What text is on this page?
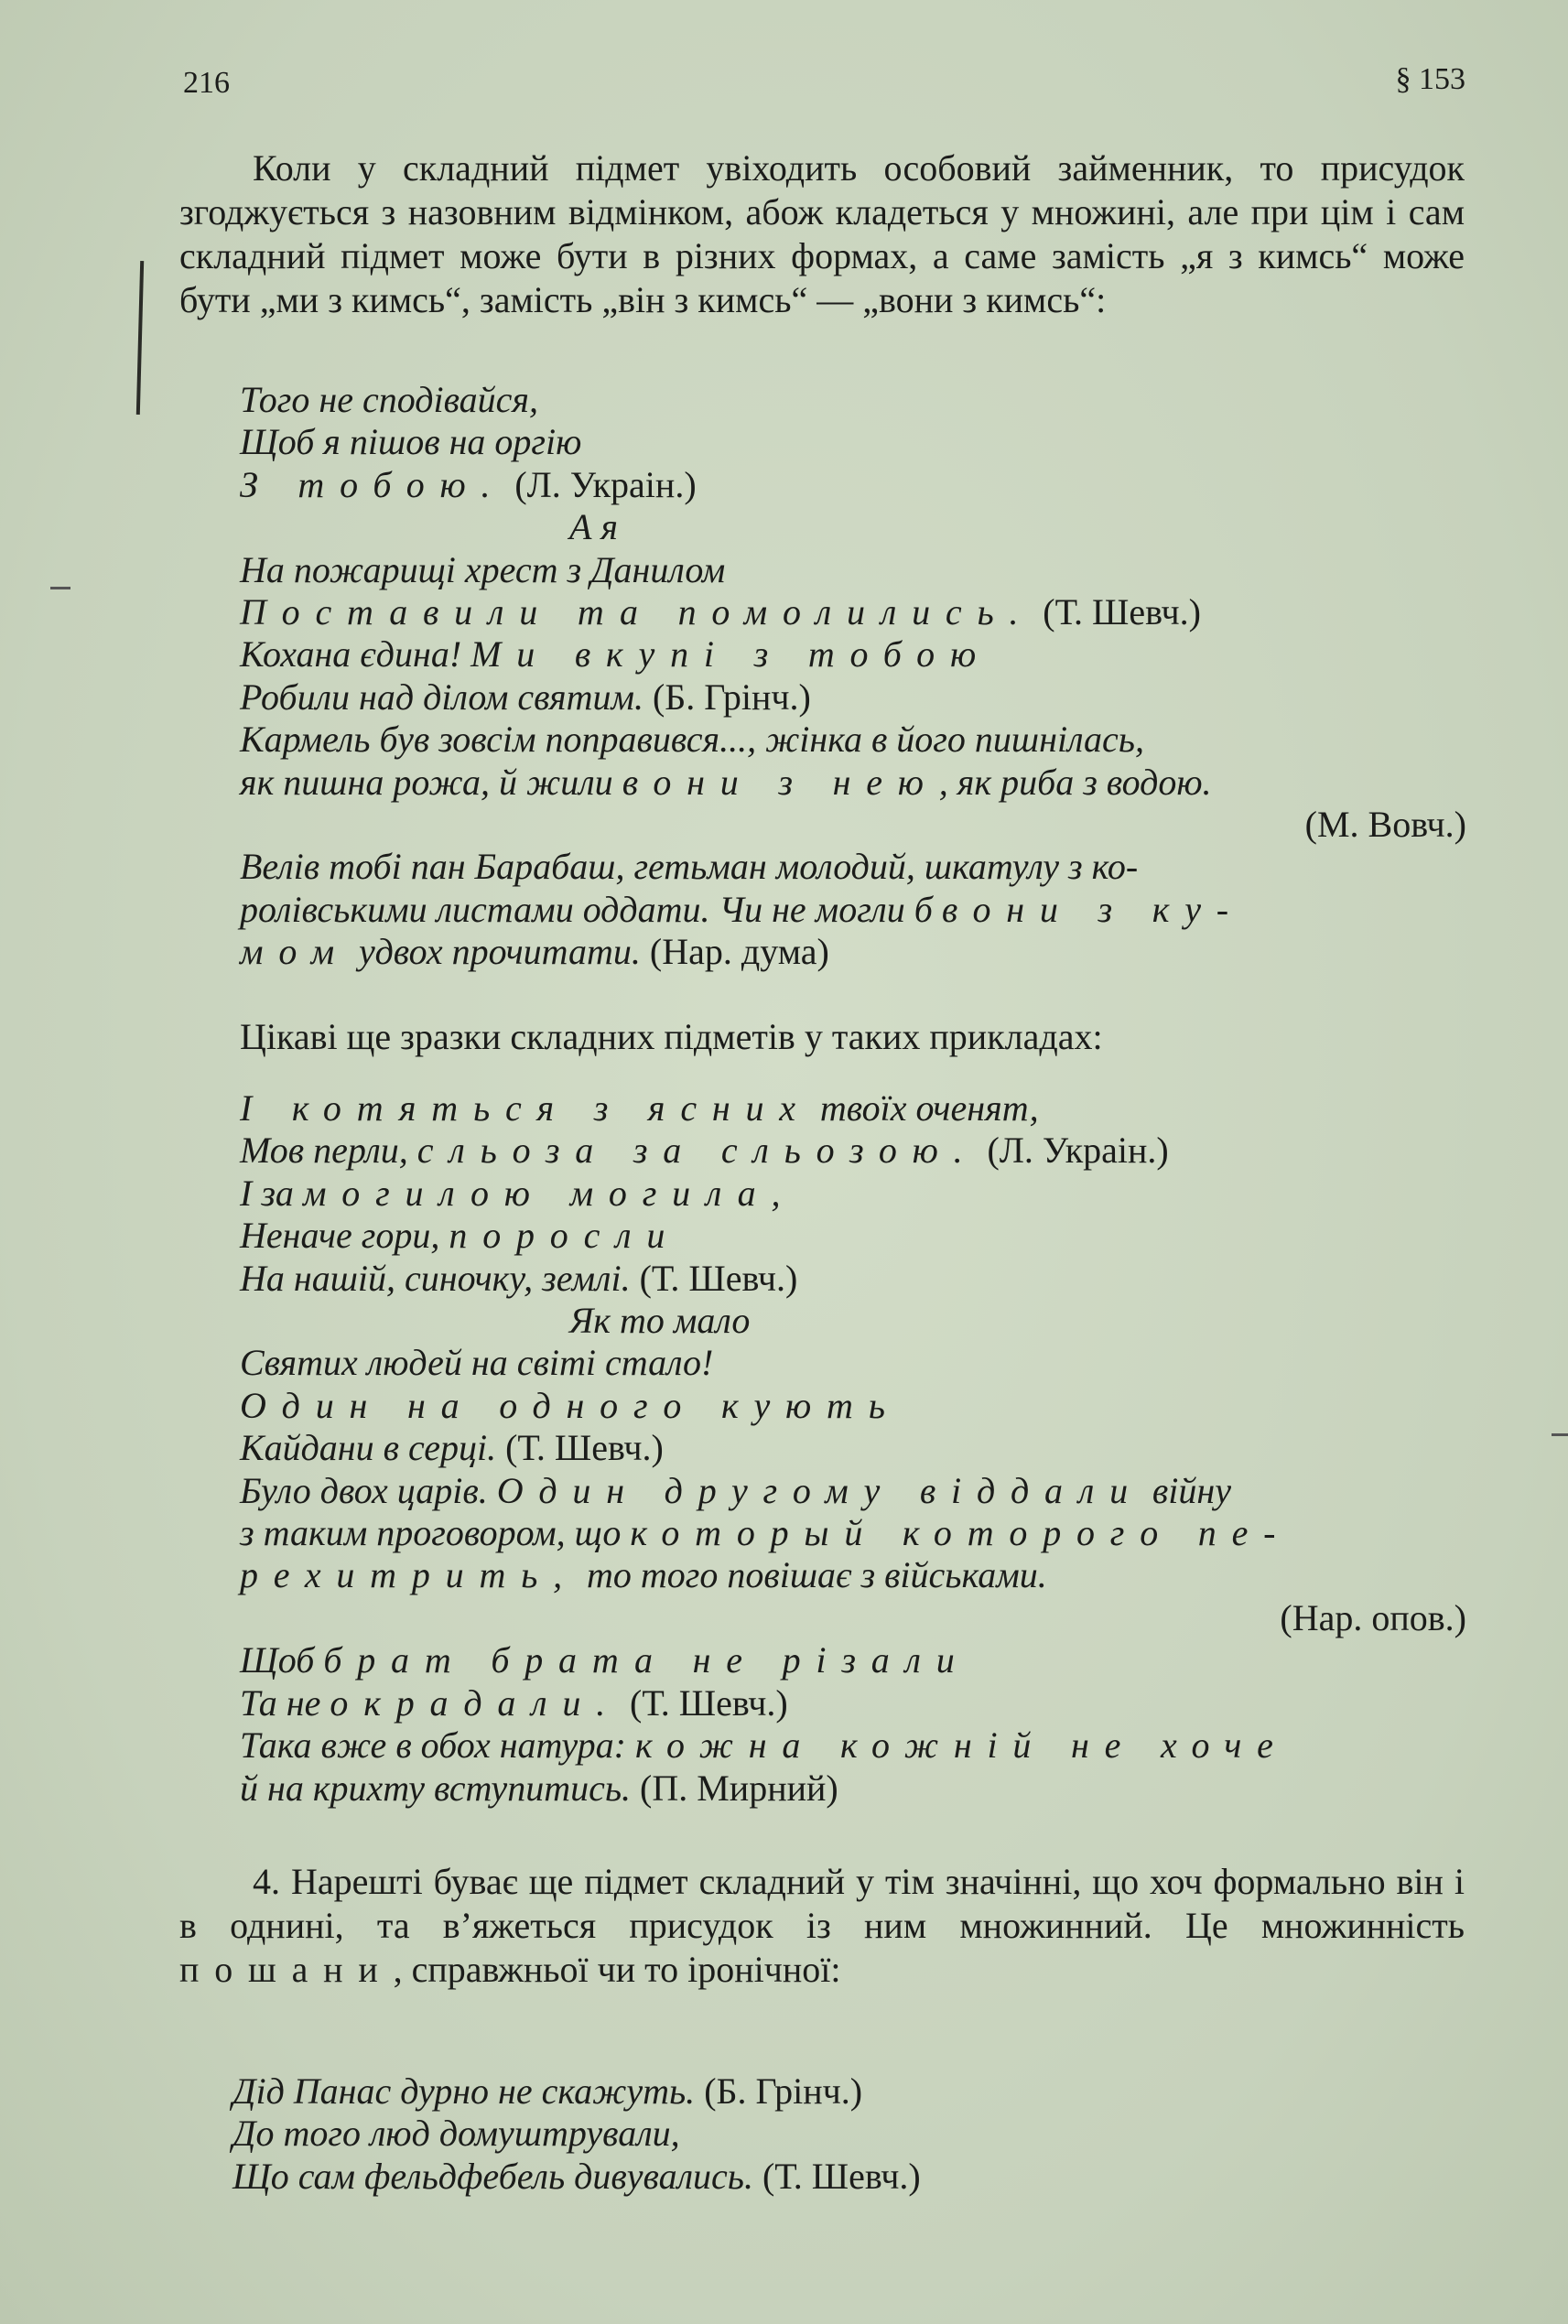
216	§ 153

Коли у складний підмет увіходить особовий займенник, то присудок згоджується з назовним відмінком, абож кладеться у множині, але при цім і сам складний підмет може бути в різних формах, а саме замість „я з кимсь“ може бути „ми з кимсь“, замість „він з кимсь“ — „вони з кимсь“:

Того не сподівайся,
Щоб я пішов на оргію
З тобою. (Л. Украін.)
А я
На пожарищі хрест з Данилом
Поставили та помолились. (Т. Шевч.)
Кохана єдина! Ми вкупі з тобою
Робили над ділом святим. (Б. Грінч.)
Кармель був зовсім поправився..., жінка в його пишнілась,
як пишна рожа, й жили вони з нею, як риба з водою.
(М. Вовч.)
Велів тобі пан Барабаш, гетьман молодий, шкатулу з ко-
ролівськими листами оддати. Чи не могли б вони з ку-
мом удвох прочитати. (Нар. дума)
Цікаві ще зразки складних підметів у таких прикладах:
І котяться з ясних твоїх оченят,
Мов перли, сльоза за сльозою. (Л. Украін.)
І за могилою могила,
Неначе гори, поросли
На нашій, синочку, землі. (Т. Шевч.)
Як то мало
Святих людей на світі стало!
Один на одного кують
Кайдани в серці. (Т. Шевч.)
Було двох царів. Один другому віддали війну
з таким проговором, що который которого пе-
рехитрить, то того повішає з військами.
(Нар. опов.)
Щоб брат брата не різали
Та не окрадали. (Т. Шевч.)
Така вже в обох натура: кожна кожній не хоче
й на крихту вступитись. (П. Мирний)

4. Нарешті буває ще підмет складний у тім значінні, що хоч формально він і в однині, та в’яжеться присудок із ним множинний. Це множинність пошани, справжньої чи то іронічної:

Дід Панас дурно не скажуть. (Б. Грінч.)
До того люд домуштрували,
Що сам фельдфебель дивувались. (Т. Шевч.)
